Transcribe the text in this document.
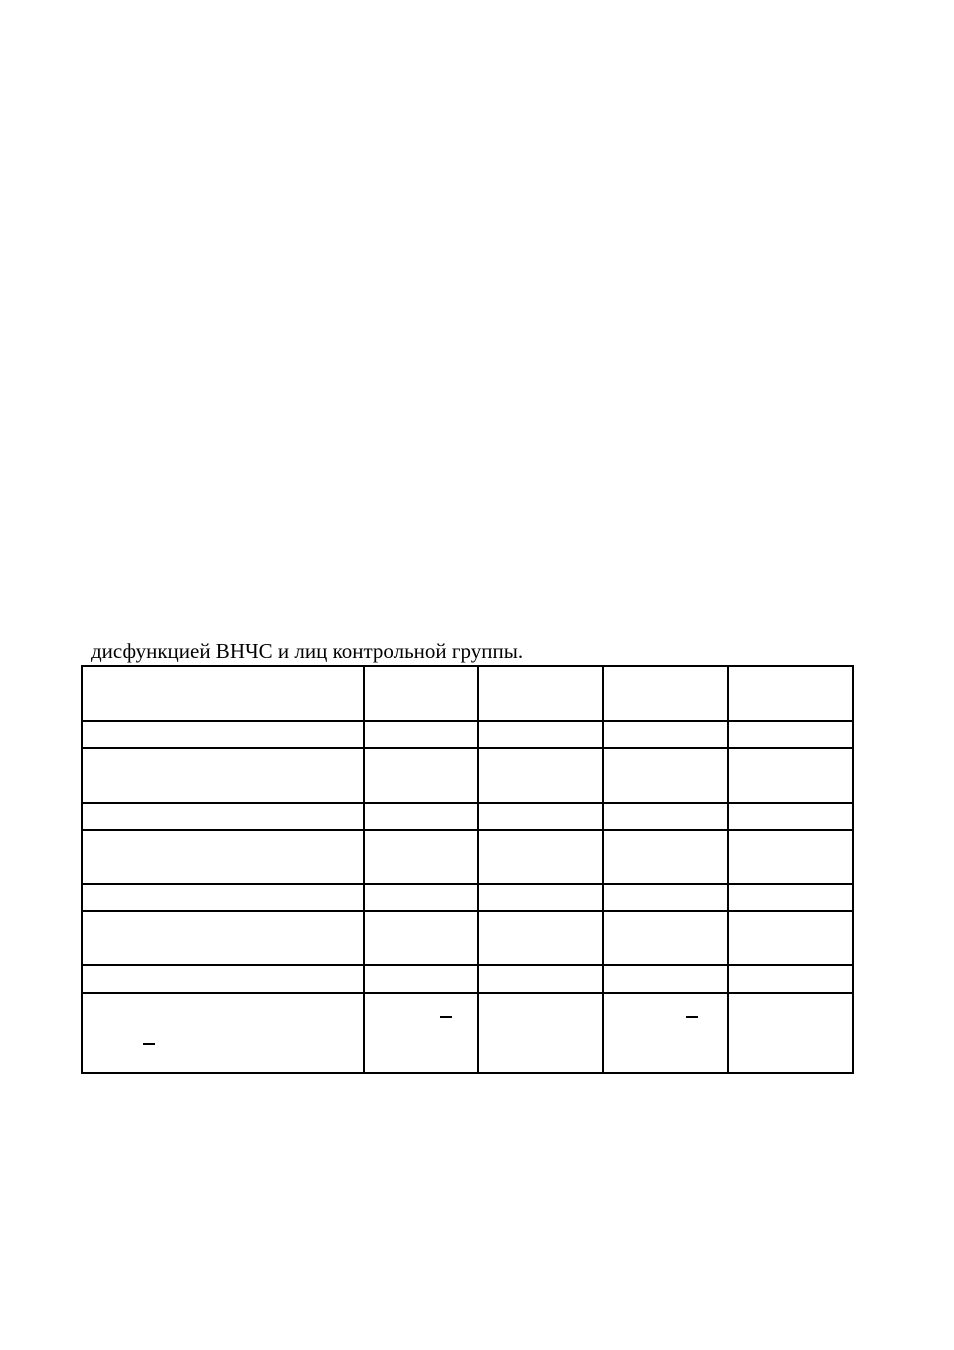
дисфункцией ВНЧС и лиц контрольной группы.
